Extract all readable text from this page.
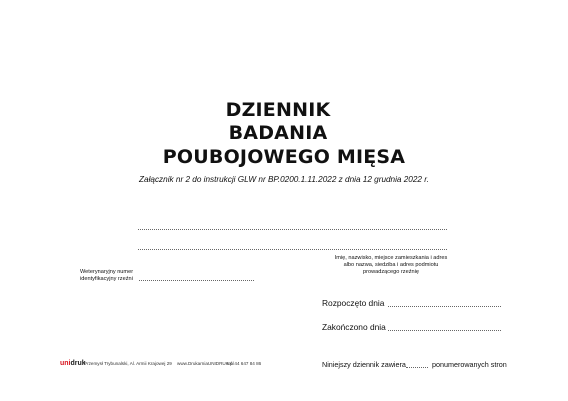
DZIENNIK
BADANIA
POUBOJOWEGO MIĘSA
Załącznik nr 2 do instrukcji GLW nr BP.0200.1.11.2022 z dnia 12 grudnia 2022 r.
Imię, nazwisko, miejsce zamieszkania i adres albo nazwa, siedziba i adres podmiotu prowadzącego rzeźnię
Weterynaryjny numer identyfikacyjny rzeźni
Rozpoczęto dnia
Zakończono dnia
unidruk
Przemysł Trybunalski, Al. Armii Krajowej 29 www.DrukarniaUNIDRUK.pl
tel. 44 647 84 86	Niniejszy dziennik zawiera	ponumerowanych stron
